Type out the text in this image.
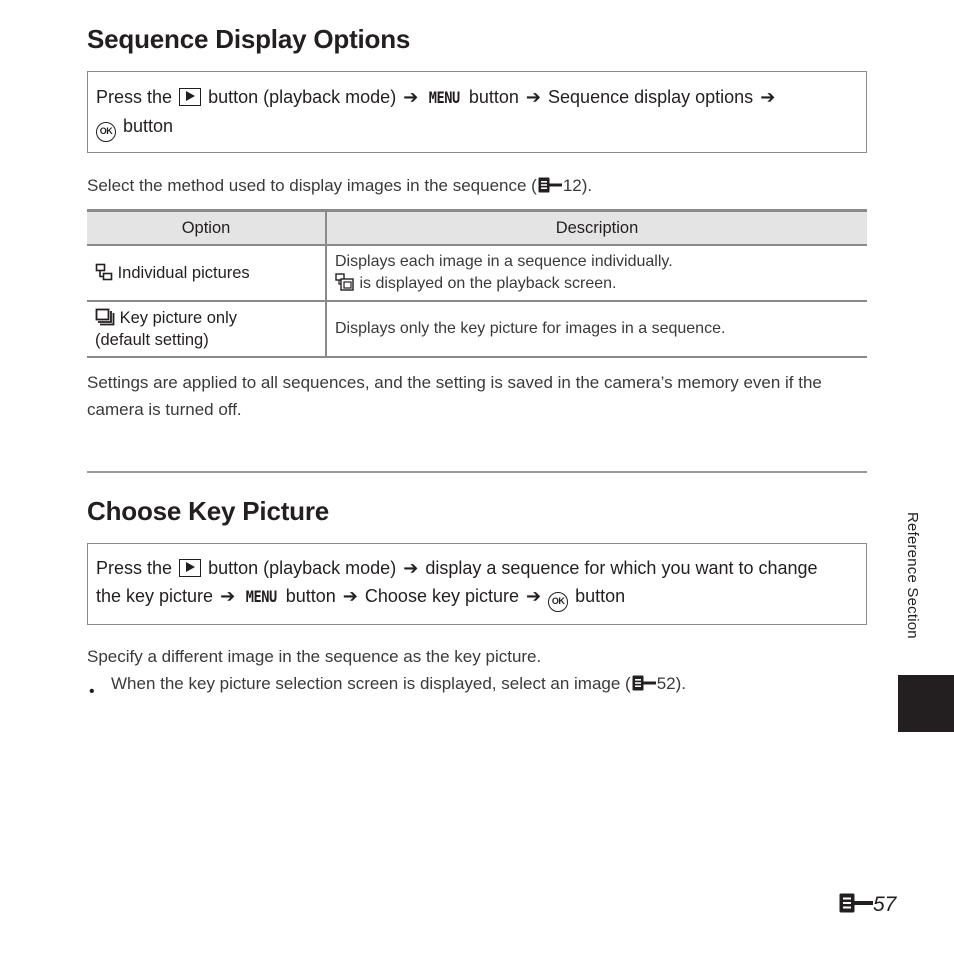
Sequence Display Options
Press the button (playback mode) ➔ MENU button ➔ Sequence display options ➔
OK button
Select the method used to display images in the sequence ( 12).
Option	Description
Individual pictures	Displays each image in a sequence individually.
is displayed on the playback screen.
Key picture only
(default setting)	Displays only the key picture for images in a sequence.
Settings are applied to all sequences, and the setting is saved in the camera’s memory even if the camera is turned off.
Choose Key Picture
Press the button (playback mode) ➔ display a sequence for which you want to change the key picture ➔ MENU button ➔ Choose key picture ➔ OK button
Specify a different image in the sequence as the key picture.
• When the key picture selection screen is displayed, select an image ( 52).
Reference Section
57
